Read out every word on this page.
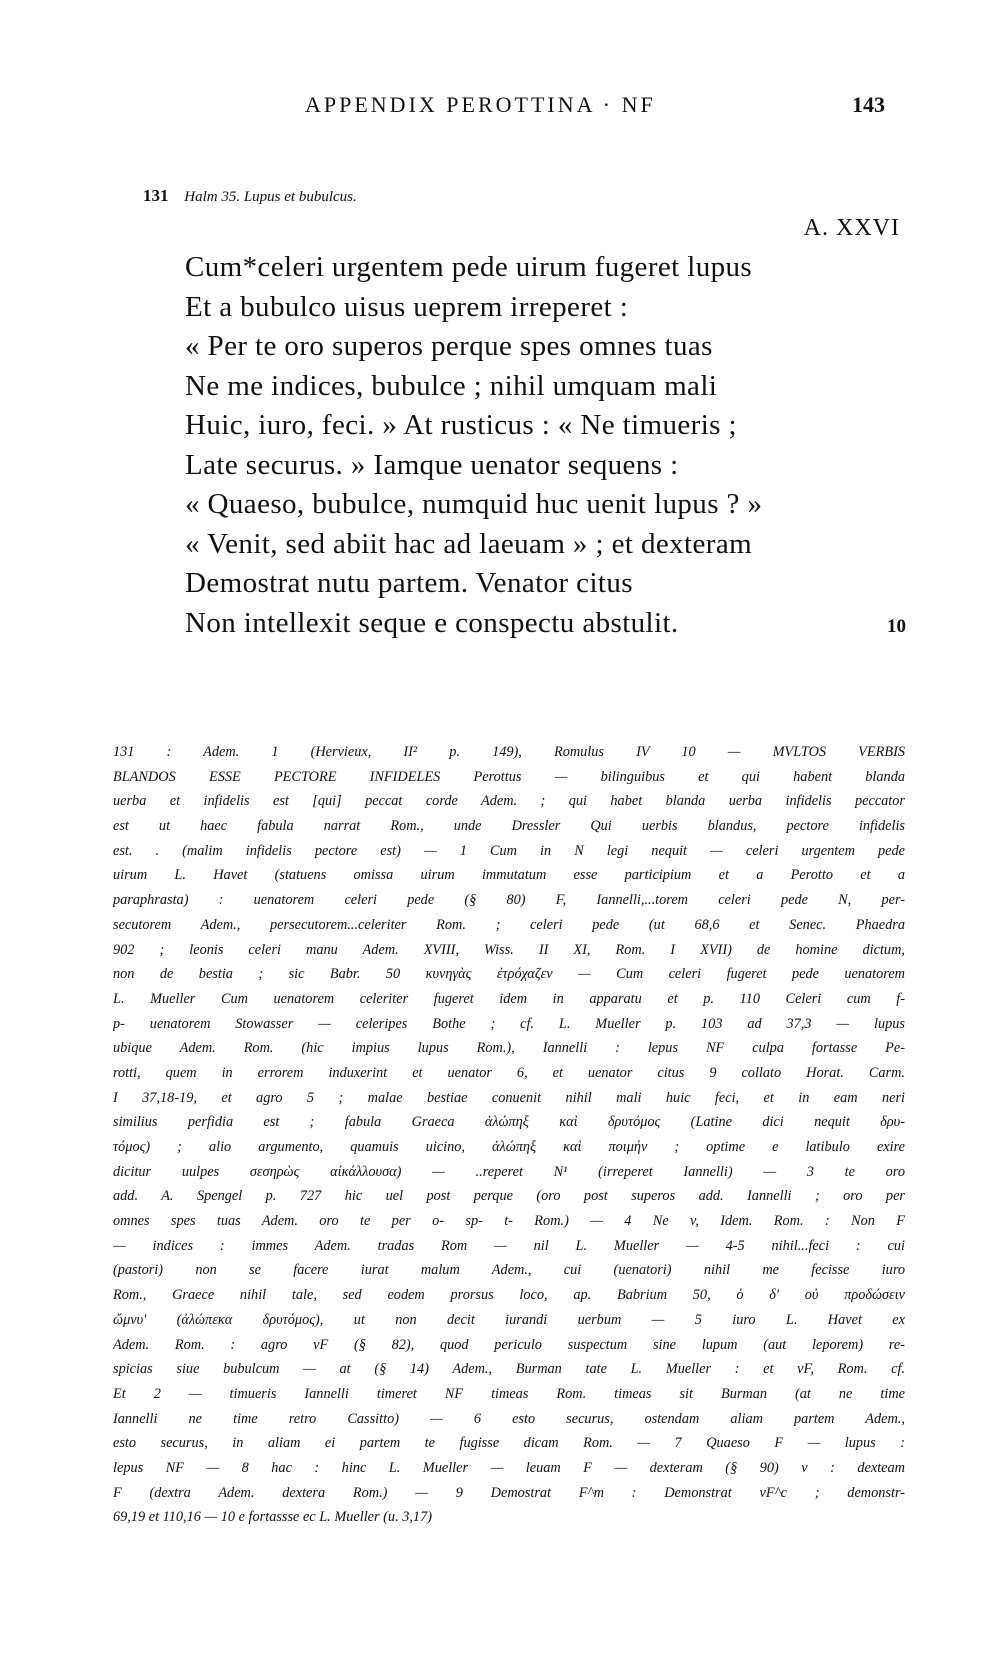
APPENDIX PEROTTINA · NF	143
131 Halm 35. Lupus et bubulcus.
A. XXVI
Cum*celeri urgentem pede uirum fugeret lupus
Et a bubulco uisus ueprem irreperet :
« Per te oro superos perque spes omnes tuas
Ne me indices, bubulce ; nihil umquam mali
Huic, iuro, feci. » At rusticus : « Ne timueris ;
Late securus. » Iamque uenator sequens :
« Quaeso, bubulce, numquid huc uenit lupus ? »
« Venit, sed abiit hac ad laeuam » ; et dexteram
Demostrat nutu partem. Venator citus
Non intellexit seque e conspectu abstulit.	10
131 : Adem. 1 (Hervieux, II² p. 149), Romulus IV 10 — MVLTOS VERBIS
BLANDOS ESSE PECTORE INFIDELES Perottus — bilinguibus et qui habent blanda
uerba et infidelis est [qui] peccat corde Adem. ; qui habet blanda uerba infidelis peccator
est ut haec fabula narrat Rom., unde Dressler Qui uerbis blandus, pectore infidelis
est. . (malim infidelis pectore est) — 1 Cum in N legi nequit — celeri urgentem pede
uirum L. Havet (statuens omissa uirum immutatum esse participium et a Perotto et a
paraphrasta) : uenatorem celeri pede (§ 80) F, Iannelli,...torem celeri pede N, per-
secutorem Adem., persecutorem...celeriter Rom. ; celeri pede (ut 68,6 et Senec. Phaedra
902 ; leonis celeri manu Adem. XVIII, Wiss. II XI, Rom. I XVII) de homine dictum,
non de bestia ; sic Babr. 50 κυνηγὰς ἐτρόχαζεν — Cum celeri fugeret pede uenatorem
L. Mueller Cum uenatorem celeriter fugeret idem in apparatu et p. 110 Celeri cum f-
p- uenatorem Stowasser — celeripes Bothe ; cf. L. Mueller p. 103 ad 37,3 — lupus
ubique Adem. Rom. (hic impius lupus Rom.), Iannelli : lepus NF culpa fortasse Pe-
rotti, quem in errorem induxerint et uenator 6, et uenator citus 9 collato Horat. Carm.
I 37,18-19, et agro 5 ; malae bestiae conuenit nihil mali huic feci, et in eam neri
similius perfidia est ; fabula Graeca ἀλώπηξ καὶ δρυτόμος (Latine dici nequit δρυ-
τόμος) ; alio argumento, quamuis uicino, ἀλώπηξ καὶ ποιμήν ; optime e latibulo exire
dicitur uulpes σεσηρὼς αἰκάλλουσα) — ..reperet N¹ (irreperet Iannelli) — 3 te oro
add. A. Spengel p. 727 hic uel post perque (oro post superos add. Iannelli ; oro per
omnes spes tuas Adem. oro te per o- sp- t- Rom.) — 4 Ne v, Idem. Rom. : Non F
— indices : immes Adem. tradas Rom — nil L. Mueller — 4-5 nihil...feci : cui
(pastori) non se facere iurat malum Adem., cui (uenatori) nihil me fecisse iuro
Rom., Graece nihil tale, sed eodem prorsus loco, ap. Babrium 50, ὁ δ' οὐ προδώσειν
ὤμνυ' (ἀλώπεκα δρυτόμος), ut non decit iurandi uerbum — 5 iuro L. Havet ex
Adem. Rom. : agro vF (§ 82), quod periculo suspectum sine lupum (aut leporem) re-
spicias siue bubulcum — at (§ 14) Adem., Burman tate L. Mueller : et vF, Rom. cf.
Et 2 — timueris Iannelli timeret NF timeas Rom. timeas sit Burman (at ne time
Iannelli ne time retro Cassitto) — 6 esto securus, ostendam aliam partem Adem.,
esto securus, in aliam ei partem te fugisse dicam Rom. — 7 Quaeso F — lupus :
lepus NF — 8 hac : hinc L. Mueller — leuam F — dexteram (§ 90) v : dexteam
F (dextra Adem. dextera Rom.) — 9 Demostrat F^m : Demonstrat vF^c ; demonstr-
69,19 et 110,16 — 10 e fortassse ec L. Mueller (u. 3,17)
